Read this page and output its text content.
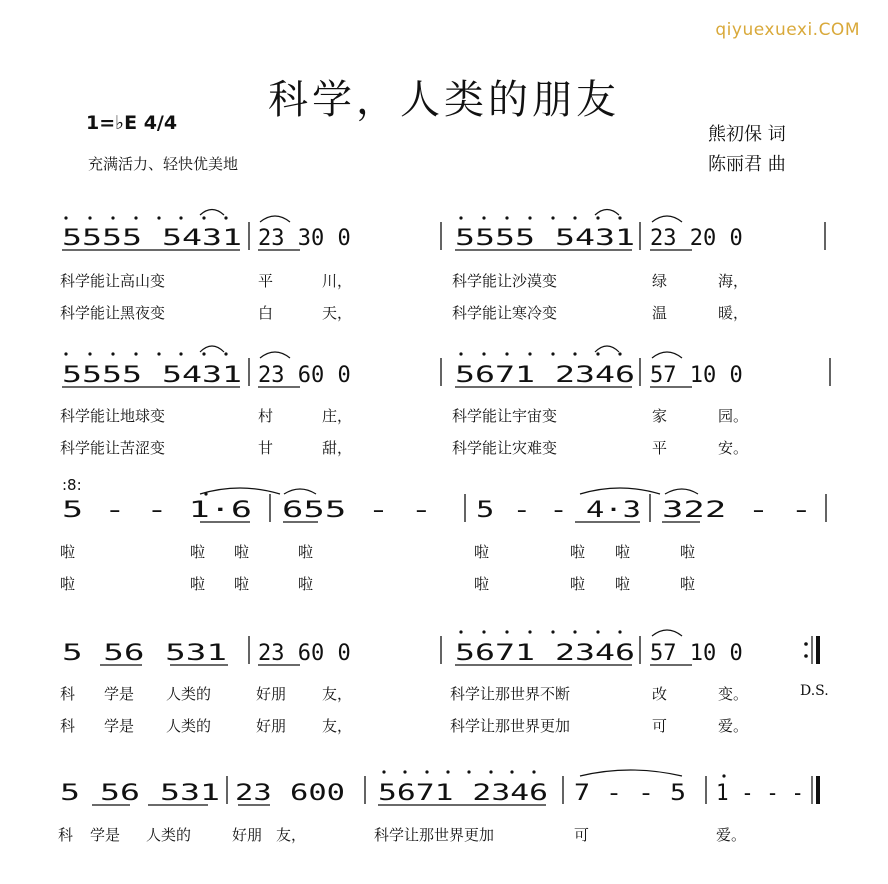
qiyuexuexi.COM
科学，人类的朋友
1=♭E 4/4
充满活力、轻快优美地
熊初保 词
陈丽君 曲
:8:
5555 5431 23 30 0	5555 5431 23 20 0
5555 5431 23 60 0	5671 2346 57 10 0
5 - - 1·6 655 - - 5 - - 4·3 322 - -
5 56 531 23 60 0	5671 2346 57 10 0
5 56 531 23 600 5671 2346 7 - - 5 1 - - -
科学能让高山变	平	川，	科学能让沙漠变	绿	海，
科学能让黑夜变	白	天，	科学能让寒冷变	温	暖，
科学能让地球变	村	庄，	科学能让宇宙变	家	园。
科学能让苦涩变	甘	甜，	科学能让灾难变	平	安。
啦	啦 啦	啦	啦	啦 啦	啦
啦	啦 啦	啦	啦	啦 啦	啦
科 学是 人类的	好朋 友，	科学让那世界不断	改	变。	D.S.
科 学是 人类的	好朋 友，	科学让那世界更加	可	爱。
科 学是 人类的	好朋 友，	科学让那世界更加	可	爱。
